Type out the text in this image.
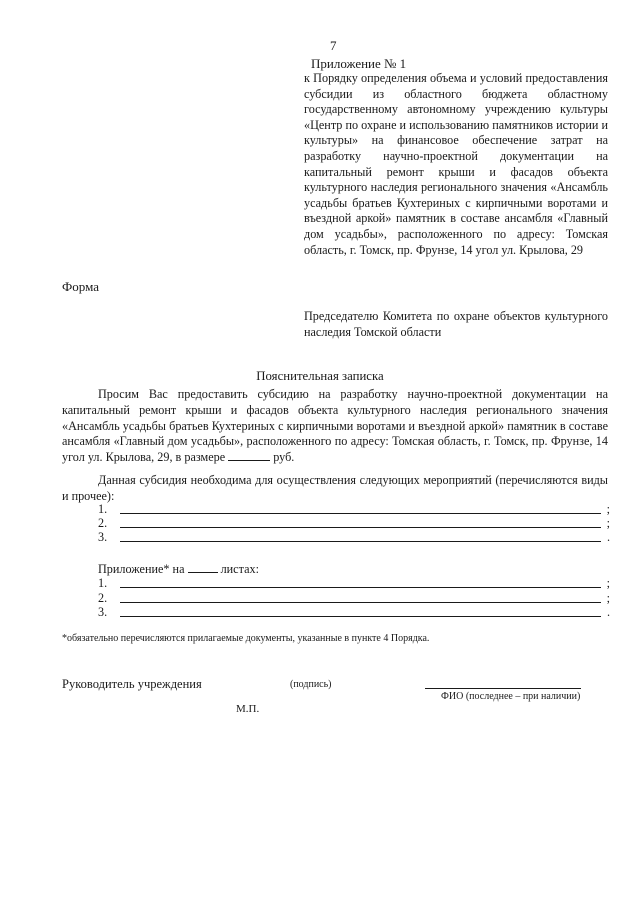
7
Приложение № 1
к Порядку определения объема и условий предоставления субсидии из областного бюджета областному государственному автономному учреждению культуры «Центр по охране и использованию памятников истории и культуры» на финансовое обеспечение затрат на разработку научно-проектной документации на капитальный ремонт крыши и фасадов объекта культурного наследия регионального значения «Ансамбль усадьбы братьев Кухтериных с кирпичными воротами и въездной аркой» памятник в составе ансамбля «Главный дом усадьбы», расположенного по адресу: Томская область, г. Томск, пр. Фрунзе, 14 угол ул. Крылова, 29
Форма
Председателю Комитета по охране объектов культурного наследия Томской области
Пояснительная записка
Просим Вас предоставить субсидию на разработку научно-проектной документации на капитальный ремонт крыши и фасадов объекта культурного наследия регионального значения «Ансамбль усадьбы братьев Кухтериных с кирпичными воротами и въездной аркой» памятник в составе ансамбля «Главный дом усадьбы», расположенного по адресу: Томская область, г. Томск, пр. Фрунзе, 14 угол ул. Крылова, 29, в размере	руб.
Данная субсидия необходима для осуществления следующих мероприятий (перечисляются виды и прочее):
1.	;
2.	;
3.	.
Приложение* на	листах:
1.	;
2.	;
3.	.
*обязательно перечисляются прилагаемые документы, указанные в пункте 4 Порядка.
Руководитель учреждения	(подпись)
ФИО (последнее – при наличии)
М.П.
